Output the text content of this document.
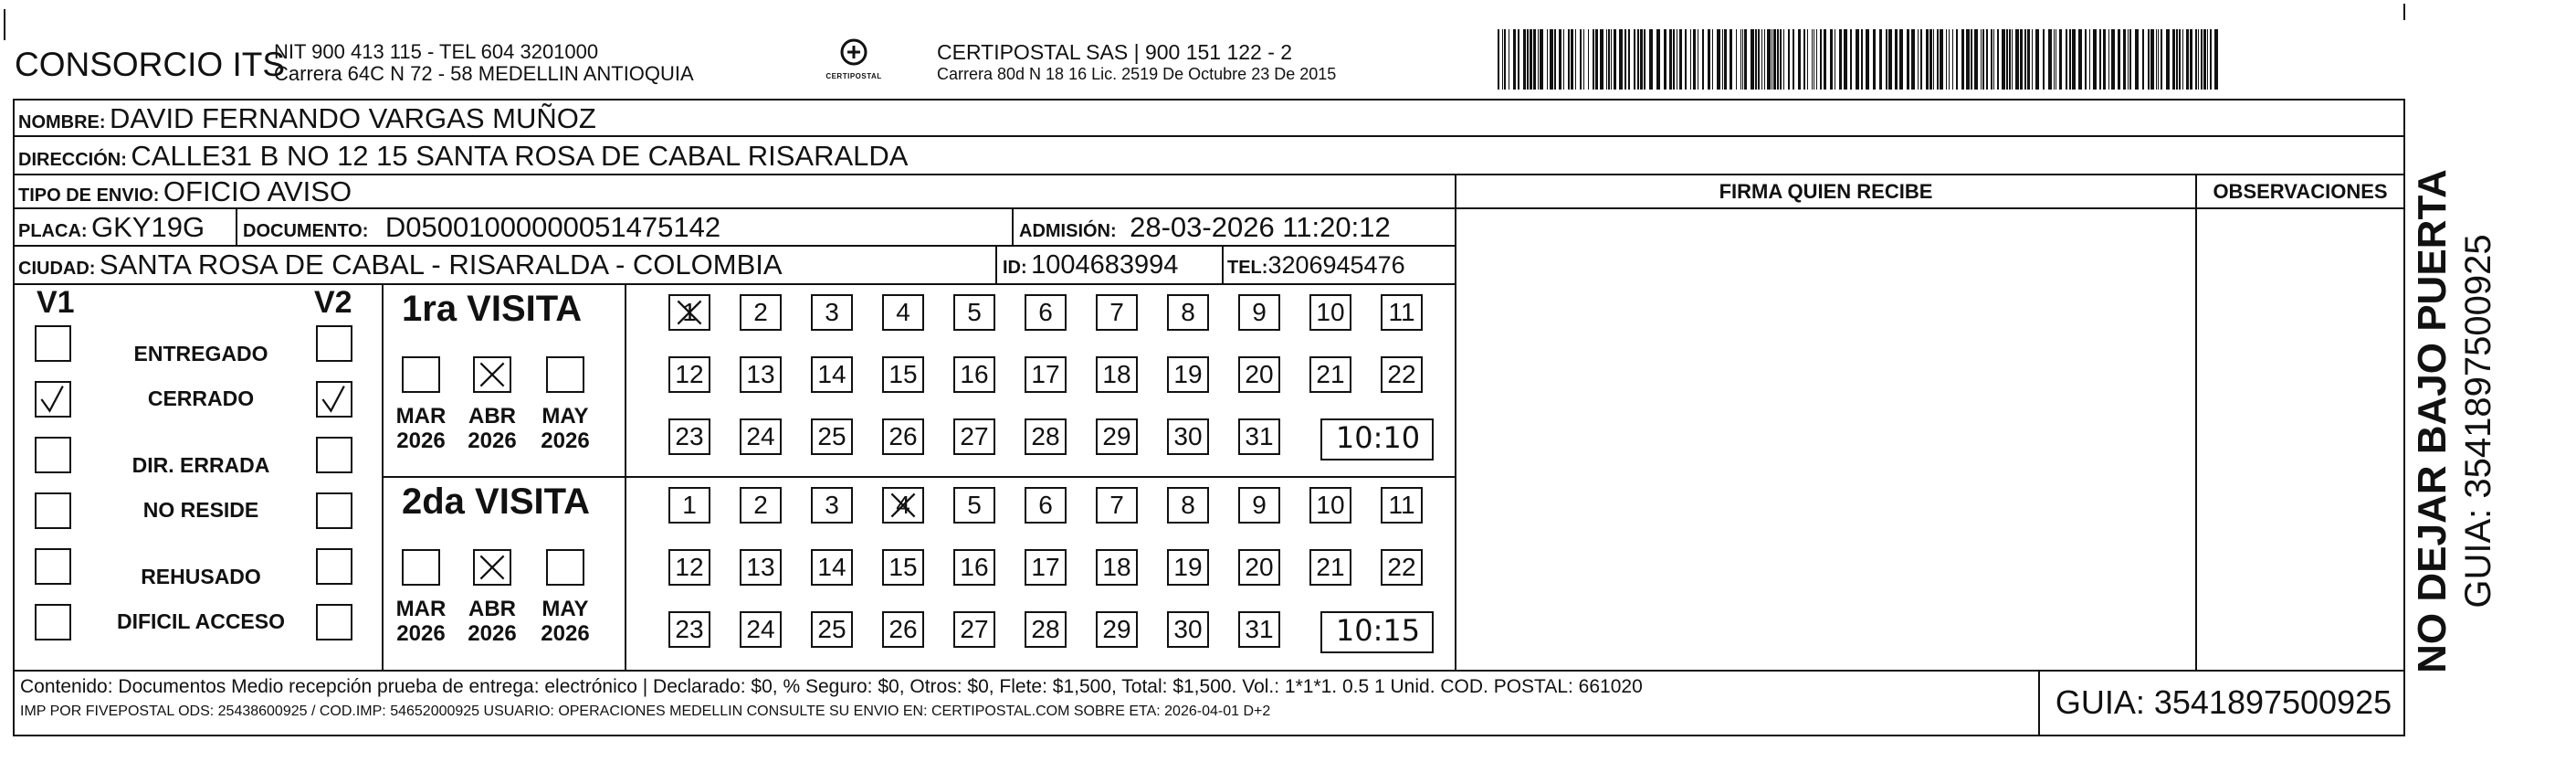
CONSORCIO ITS
NIT 900 413 115 - TEL 604 3201000
Carrera 64C N 72 - 58 MEDELLIN ANTIOQUIA	CERTIPOSTAL
CERTIPOSTAL SAS | 900 151 122 - 2
Carrera 80d N 18 16 Lic. 2519 De Octubre 23 De 2015
NOMBRE: DAVID FERNANDO VARGAS MUÑOZ
DIRECCIÓN: CALLE31 B NO 12 15 SANTA ROSA DE CABAL RISARALDA
TIPO DE ENVIO: OFICIO AVISO	FIRMA QUIEN RECIBE	OBSERVACIONES
PLACA: GKY19G DOCUMENTO: D05001000000051475142	ADMISIÓN: 28-03-2026 11:20:12
CIUDAD: SANTA ROSA DE CABAL - RISARALDA - COLOMBIA	ID: 1004683994	TEL:3206945476
V1	V2
ENTREGADO
CERRADO
DIR. ERRADA
NO RESIDE
REHUSADO
DIFICIL ACCESO
1ra VISITA
MAR
2026
ABR
2026
MAY
2026
1	2	3	4	5	6	7	8	9	10	11
12 13 14 15 16 17 18 19 20 21 22
23 24 25 26 27 28 29 30 31 10:10
2da VISITA
MAR
2026
ABR
2026
MAY
2026
1	2	3	4	5	6	7	8	9	10	11
12 13 14 15 16 17 18 19 20 21 22
23 24 25 26 27 28 29 30 31 10:15
Contenido: Documentos Medio recepción prueba de entrega: electrónico | Declarado: $0, % Seguro: $0, Otros: $0, Flete: $1,500, Total: $1,500. Vol.: 1*1*1. 0.5 1 Unid. COD. POSTAL: 661020
IMP POR FIVEPOSTAL ODS: 25438600925 / COD.IMP: 54652000925 USUARIO: OPERACIONES MEDELLIN CONSULTE SU ENVIO EN: CERTIPOSTAL.COM SOBRE ETA: 2026-04-01 D+2	GUIA: 3541897500925
NO DEJAR BAJO PUERTA GUIA: 3541897500925
